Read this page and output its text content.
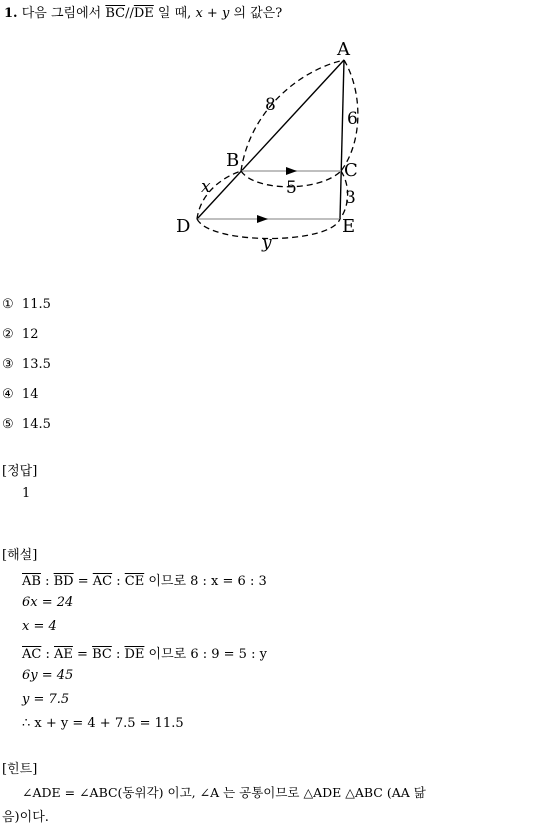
1. 다음 그림에서 $\overline{BC}//\overline{DE}$ 일 때, x + y 의 값은?
A
B	C
D	E
8
6
5	3
x
y
① 11.5
② 12
③ 13.5
④ 14
⑤ 14.5
[정답]
1
[해설]
$\overline{AB}$ : $\overline{BD} = \overline{AC}$ : $\overline{CE}$ 이므로 8 : x = 6 : 3
6x = 24
x = 4
$\overline{AC}$ : $\overline{AE} = \overline{BC}$ : $\overline{DE}$ 이므로 6 : 9 = 5 : y
6y = 45
y = 7.5
∴ x + y = 4 + 7.5 = 11.5
[힌트]
∠ADE = ∠ABC(동위각) 이고, ∠A 는 공통이므로 △ADE △ABC (AA 닮
음)이다.
